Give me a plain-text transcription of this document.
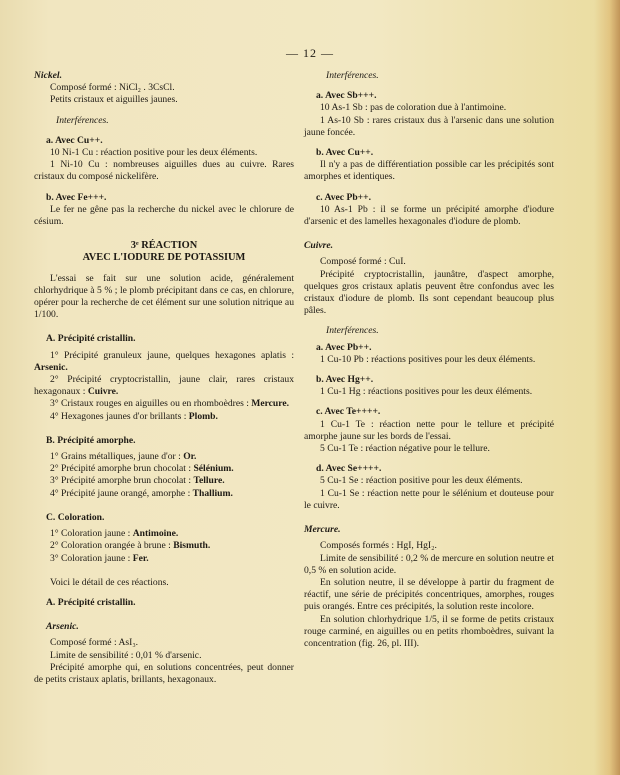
— 12 —

Nickel.

Composé formé : NiCl₂ . 3CsCl.

Petits cristaux et aiguilles jaunes.

Interférences.

a. Avec Cu++.

10 Ni-1 Cu : réaction positive pour les deux éléments.

1 Ni-10 Cu : nombreuses aiguilles dues au cuivre. Rares cristaux du composé nickelifère.

b. Avec Fe+++.

Le fer ne gêne pas la recherche du nickel avec le chlorure de césium.

3ᵉ RÉACTION

AVEC L'IODURE DE POTASSIUM

L'essai se fait sur une solution acide, généralement chlorhydrique à 5 % ; le plomb précipitant dans ce cas, en chlorure, opérer pour la recherche de cet élément sur une solution nitrique au 1/100.

A. Précipité cristallin.

1° Précipité granuleux jaune, quelques hexagones aplatis : Arsenic.

2° Précipité cryptocristallin, jaune clair, rares cristaux hexagonaux : Cuivre.

3° Cristaux rouges en aiguilles ou en rhomboèdres : Mercure.

4° Hexagones jaunes d'or brillants : Plomb.

B. Précipité amorphe.

1° Grains métalliques, jaune d'or : Or.

2° Précipité amorphe brun chocolat : Sélénium.

3° Précipité amorphe brun chocolat : Tellure.

4° Précipité jaune orangé, amorphe : Thallium.

C. Coloration.

1° Coloration jaune : Antimoine.

2° Coloration orangée à brune : Bismuth.

3° Coloration jaune : Fer.

Voici le détail de ces réactions.

A. Précipité cristallin.

Arsenic.

Composé formé : AsI₃.

Limite de sensibilité : 0,01 % d'arsenic.

Précipité amorphe qui, en solutions concentrées, peut donner de petits cristaux aplatis, brillants, hexagonaux.

Interférences.

a. Avec Sb+++.

10 As-1 Sb : pas de coloration due à l'antimoine.

1 As-10 Sb : rares cristaux dus à l'arsenic dans une solution jaune foncée.

b. Avec Cu++.

Il n'y a pas de différentiation possible car les précipités sont amorphes et identiques.

c. Avec Pb++.

10 As-1 Pb : il se forme un précipité amorphe d'iodure d'arsenic et des lamelles hexagonales d'iodure de plomb.

Cuivre.

Composé formé : CuI.

Précipité cryptocristallin, jaunâtre, d'aspect amorphe, quelques gros cristaux aplatis peuvent être confondus avec les cristaux d'iodure de plomb. Ils sont cependant beaucoup plus pâles.

Interférences.

a. Avec Pb++.

1 Cu-10 Pb : réactions positives pour les deux éléments.

b. Avec Hg++.

1 Cu-1 Hg : réactions positives pour les deux éléments.

c. Avec Te++++.

1 Cu-1 Te : réaction nette pour le tellure et précipité amorphe jaune sur les bords de l'essai.

5 Cu-1 Te : réaction négative pour le tellure.

d. Avec Se++++.

5 Cu-1 Se : réaction positive pour les deux éléments.

1 Cu-1 Se : réaction nette pour le sélénium et douteuse pour le cuivre.

Mercure.

Composés formés : HgI, HgI₂.

Limite de sensibilité : 0,2 % de mercure en solution neutre et 0,5 % en solution acide.

En solution neutre, il se développe à partir du fragment de réactif, une série de précipités concentriques, amorphes, rouges puis orangés. Entre ces précipités, la solution reste incolore.

En solution chlorhydrique 1/5, il se forme de petits cristaux rouge carminé, en aiguilles ou en petits rhomboèdres, suivant la concentration (fig. 26, pl. III).
